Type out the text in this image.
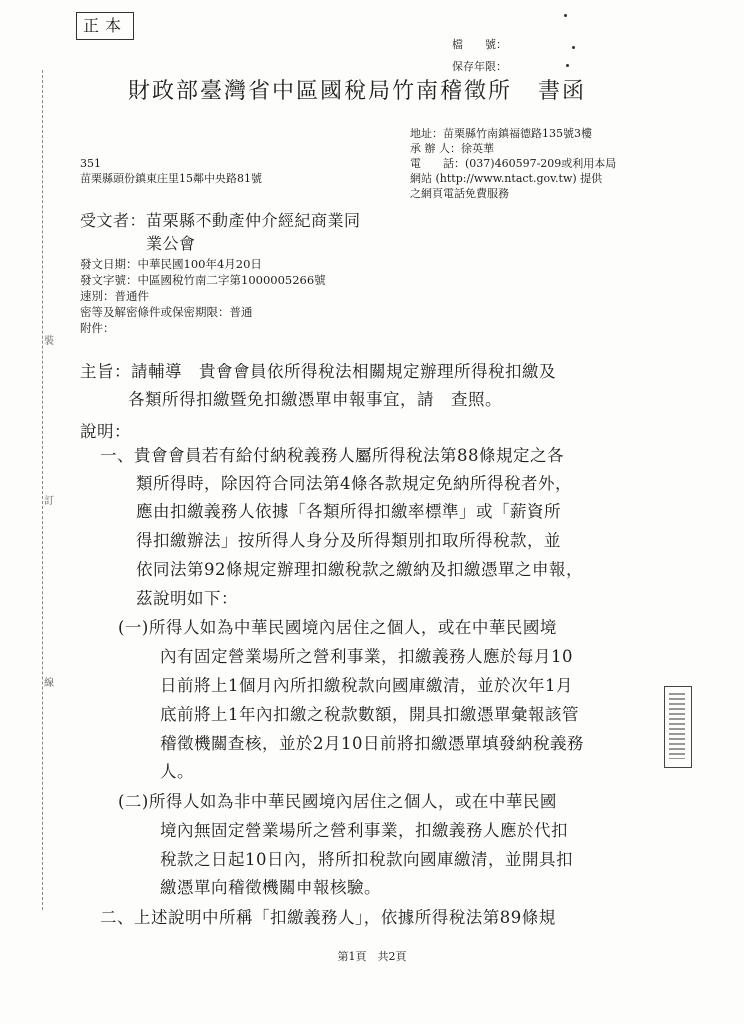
正本
檔　　號：
保存年限：
財政部臺灣省中區國稅局竹南稽徵所 書函
地址：苗栗縣竹南鎮福德路135號3樓
承 辦 人：徐英華
電　　話：(037)460597-209或利用本局
網站 (http://www.ntact.gov.tw) 提供
之網頁電話免費服務
351
苗栗縣頭份鎮東庄里15鄰中央路81號
受文者：苗栗縣不動產仲介經紀商業同
業公會
發文日期：中華民國100年4月20日
發文字號：中區國稅竹南二字第1000005266號
速別：普通件
密等及解密條件或保密期限：普通
附件：
主旨：請輔導　貴會會員依所得稅法相關規定辦理所得稅扣繳及
各類所得扣繳暨免扣繳憑單申報事宜，請　查照。
說明：
一、貴會會員若有給付納稅義務人屬所得稅法第88條規定之各
類所得時，除因符合同法第4條各款規定免納所得稅者外，
應由扣繳義務人依據「各類所得扣繳率標準」或「薪資所
得扣繳辦法」按所得人身分及所得類別扣取所得稅款，並
依同法第92條規定辦理扣繳稅款之繳納及扣繳憑單之申報，
茲說明如下：
(一)所得人如為中華民國境內居住之個人，或在中華民國境
內有固定營業場所之營利事業，扣繳義務人應於每月10
日前將上1個月內所扣繳稅款向國庫繳清，並於次年1月
底前將上1年內扣繳之稅款數額，開具扣繳憑單彙報該管
稽徵機關查核，並於2月10日前將扣繳憑單填發納稅義務
人。
(二)所得人如為非中華民國境內居住之個人，或在中華民國
境內無固定營業場所之營利事業，扣繳義務人應於代扣
稅款之日起10日內，將所扣稅款向國庫繳清，並開具扣
繳憑單向稽徵機關申報核驗。
二、上述說明中所稱「扣繳義務人」，依據所得稅法第89條規
裝
訂
線
第1頁　共2頁
